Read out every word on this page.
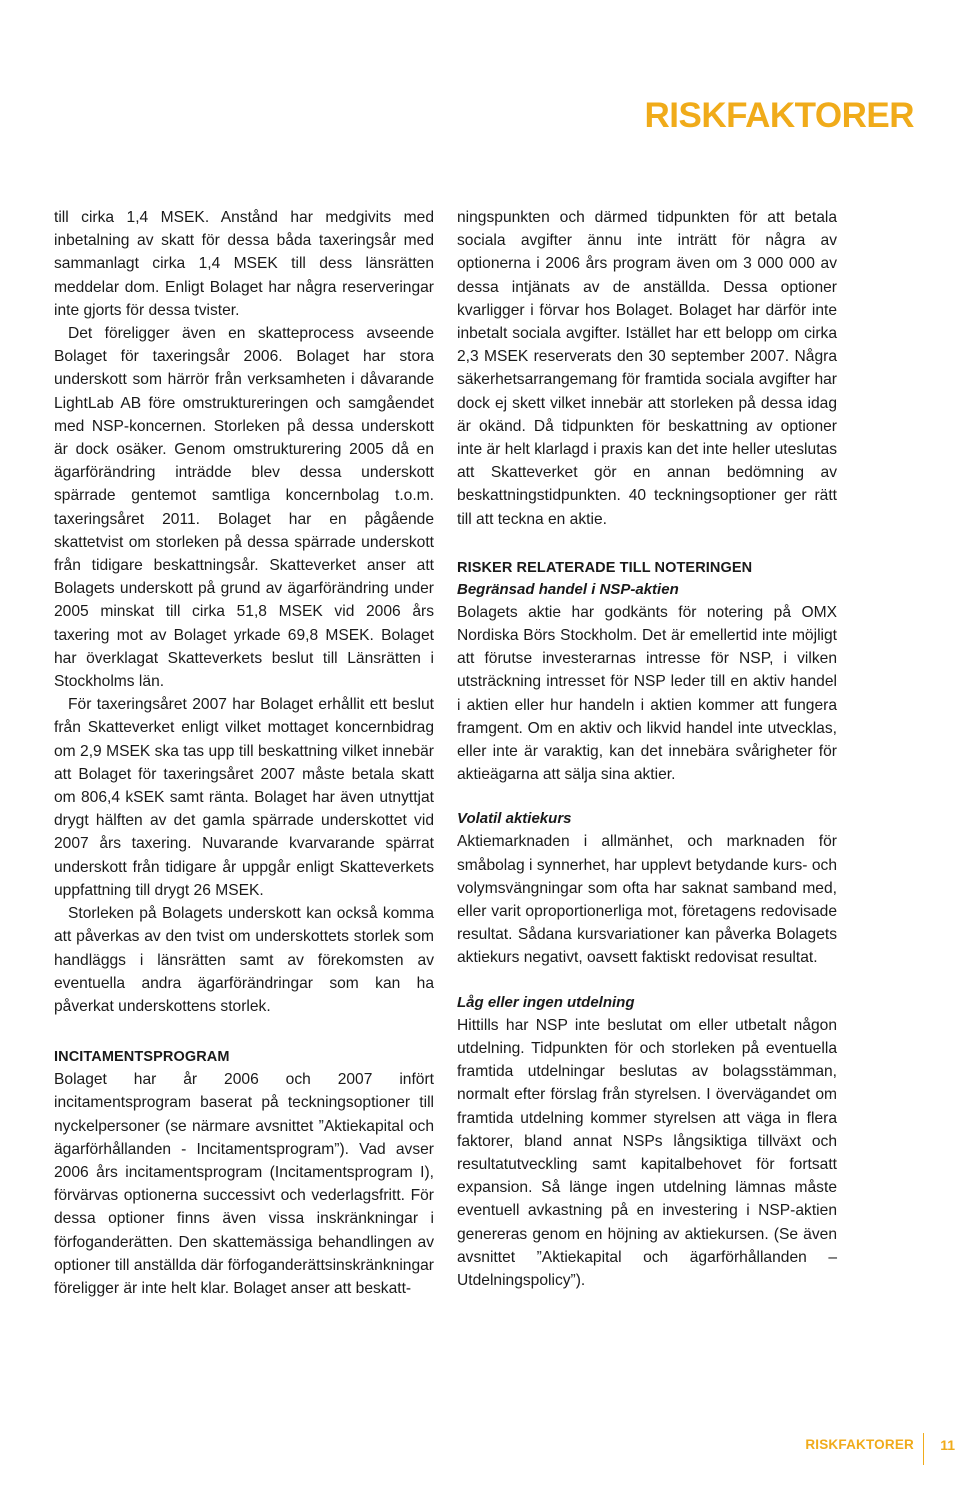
RISKFAKTORER

till cirka 1,4 MSEK. Anstånd har medgivits med inbetalning av skatt för dessa båda taxeringsår med sammanlagt cirka 1,4 MSEK till dess länsrätten meddelar dom. Enligt Bolaget har några reserveringar inte gjorts för dessa tvister.

Det föreligger även en skatteprocess avseende Bolaget för taxeringsår 2006. Bolaget har stora underskott som härrör från verksamheten i dåvarande LightLab AB före omstruktureringen och samgåendet med NSP-koncernen. Storleken på dessa underskott är dock osäker. Genom omstrukturering 2005 då en ägarförändring inträdde blev dessa underskott spärrade gentemot samtliga koncernbolag t.o.m. taxeringsåret 2011. Bolaget har en pågående skattetvist om storleken på dessa spärrade underskott från tidigare beskattningsår. Skatteverket anser att Bolagets underskott på grund av ägarförändring under 2005 minskat till cirka 51,8 MSEK vid 2006 års taxering mot av Bolaget yrkade 69,8 MSEK. Bolaget har överklagat Skatteverkets beslut till Länsrätten i Stockholms län.

För taxeringsåret 2007 har Bolaget erhållit ett beslut från Skatteverket enligt vilket mottaget koncernbidrag om 2,9 MSEK ska tas upp till beskattning vilket innebär att Bolaget för taxeringsåret 2007 måste betala skatt om 806,4 kSEK samt ränta. Bolaget har även utnyttjat drygt hälften av det gamla spärrade underskottet vid 2007 års taxering. Nuvarande kvarvarande spärrat underskott från tidigare år uppgår enligt Skatteverkets uppfattning till drygt 26 MSEK.

Storleken på Bolagets underskott kan också komma att påverkas av den tvist om underskottets storlek som handläggs i länsrätten samt av förekomsten av eventuella andra ägarförändringar som kan ha påverkat underskottens storlek.

INCITAMENTSPROGRAM

Bolaget har år 2006 och 2007 infört incitamentsprogram baserat på teckningsoptioner till nyckelpersoner (se närmare avsnittet ”Aktiekapital och ägarförhållanden - Incitamentsprogram”). Vad avser 2006 års incitamentsprogram (Incitamentsprogram I), förvärvas optionerna successivt och vederlagsfritt. För dessa optioner finns även vissa inskränkningar i förfoganderätten. Den skattemässiga behandlingen av optioner till anställda där förfoganderättsinskränkningar föreligger är inte helt klar. Bolaget anser att beskatt-

ningspunkten och därmed tidpunkten för att betala sociala avgifter ännu inte inträtt för några av optionerna i 2006 års program även om 3 000 000 av dessa intjänats av de anställda. Dessa optioner kvarligger i förvar hos Bolaget. Bolaget har därför inte inbetalt sociala avgifter. Istället har ett belopp om cirka 2,3 MSEK reserverats den 30 september 2007. Några säkerhetsarrangemang för framtida sociala avgifter har dock ej skett vilket innebär att storleken på dessa idag är okänd. Då tidpunkten för beskattning av optioner inte är helt klarlagd i praxis kan det inte heller uteslutas att Skatteverket gör en annan bedömning av beskattningstidpunkten. 40 teckningsoptioner ger rätt till att teckna en aktie.

RISKER RELATERADE TILL NOTERINGEN
Begränsad handel i NSP-aktien

Bolagets aktie har godkänts för notering på OMX Nordiska Börs Stockholm. Det är emellertid inte möjligt att förutse investerarnas intresse för NSP, i vilken utsträckning intresset för NSP leder till en aktiv handel i aktien eller hur handeln i aktien kommer att fungera framgent. Om en aktiv och likvid handel inte utvecklas, eller inte är varaktig, kan det innebära svårigheter för aktieägarna att sälja sina aktier.

Volatil aktiekurs

Aktiemarknaden i allmänhet, och marknaden för småbolag i synnerhet, har upplevt betydande kurs- och volymsvängningar som ofta har saknat samband med, eller varit oproportionerliga mot, företagens redovisade resultat. Sådana kursvariationer kan påverka Bolagets aktiekurs negativt, oavsett faktiskt redovisat resultat.

Låg eller ingen utdelning

Hittills har NSP inte beslutat om eller utbetalt någon utdelning. Tidpunkten för och storleken på eventuella framtida utdelningar beslutas av bolagsstämman, normalt efter förslag från styrelsen. I övervägandet om framtida utdelning kommer styrelsen att väga in flera faktorer, bland annat NSPs långsiktiga tillväxt och resultatutveckling samt kapitalbehovet för fortsatt expansion. Så länge ingen utdelning lämnas måste eventuell avkastning på en investering i NSP-aktien genereras genom en höjning av aktiekursen. (Se även avsnittet ”Aktiekapital och ägarförhållanden – Utdelningspolicy”).

RISKFAKTORER 11
